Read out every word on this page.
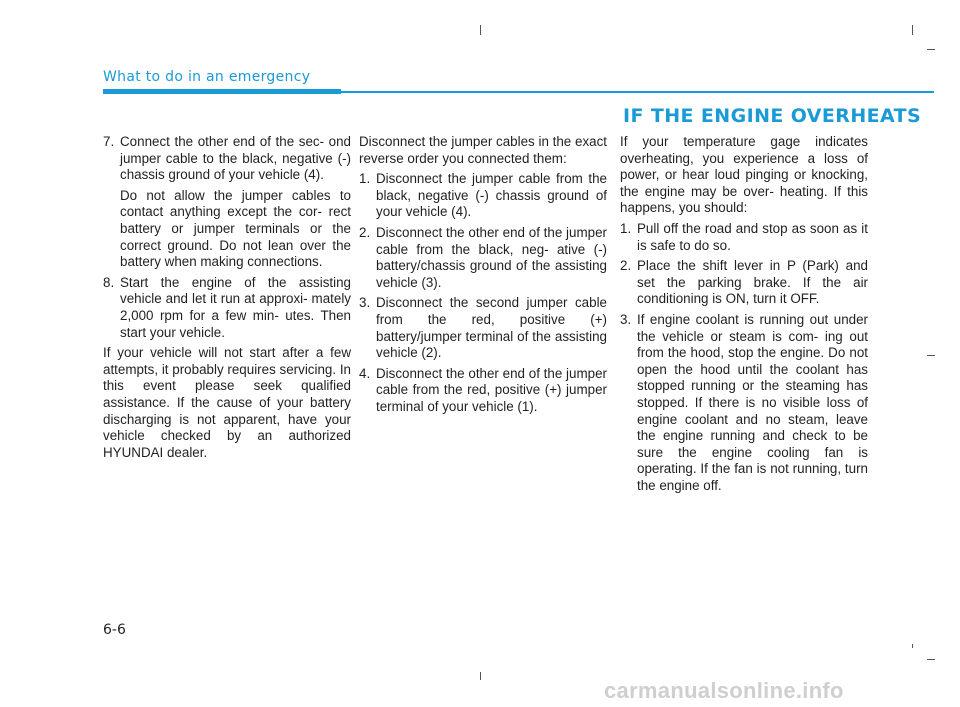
What to do in an emergency
IF THE ENGINE OVERHEATS
7. Connect the other end of the sec- ond jumper cable to the black, negative (-) chassis ground of your vehicle (4).

Do not allow the jumper cables to contact anything except the cor- rect battery or jumper terminals or the correct ground. Do not lean over the battery when making connections.

8. Start the engine of the assisting vehicle and let it run at approxi- mately 2,000 rpm for a few min- utes. Then start your vehicle.

If your vehicle will not start after a few attempts, it probably requires servicing. In this event please seek qualified assistance. If the cause of your battery discharging is not apparent, have your vehicle checked by an authorized HYUNDAI dealer.

Disconnect the jumper cables in the exact reverse order you connected them:

1. Disconnect the jumper cable from the black, negative (-) chassis ground of your vehicle (4).
2. Disconnect the other end of the jumper cable from the black, neg- ative (-) battery/chassis ground of the assisting vehicle (3).
3. Disconnect the second jumper cable from the red, positive (+) battery/jumper terminal of the assisting vehicle (2).
4. Disconnect the other end of the jumper cable from the red, positive (+) jumper terminal of your vehicle (1).

If your temperature gage indicates overheating, you experience a loss of power, or hear loud pinging or knocking, the engine may be over- heating. If this happens, you should:

1. Pull off the road and stop as soon as it is safe to do so.
2. Place the shift lever in P (Park) and set the parking brake. If the air conditioning is ON, turn it OFF.
3. If engine coolant is running out under the vehicle or steam is com- ing out from the hood, stop the engine. Do not open the hood until the coolant has stopped running or the steaming has stopped. If there is no visible loss of engine coolant and no steam, leave the engine running and check to be sure the engine cooling fan is operating. If the fan is not running, turn the engine off.
6-6
carmanualsonline.info
